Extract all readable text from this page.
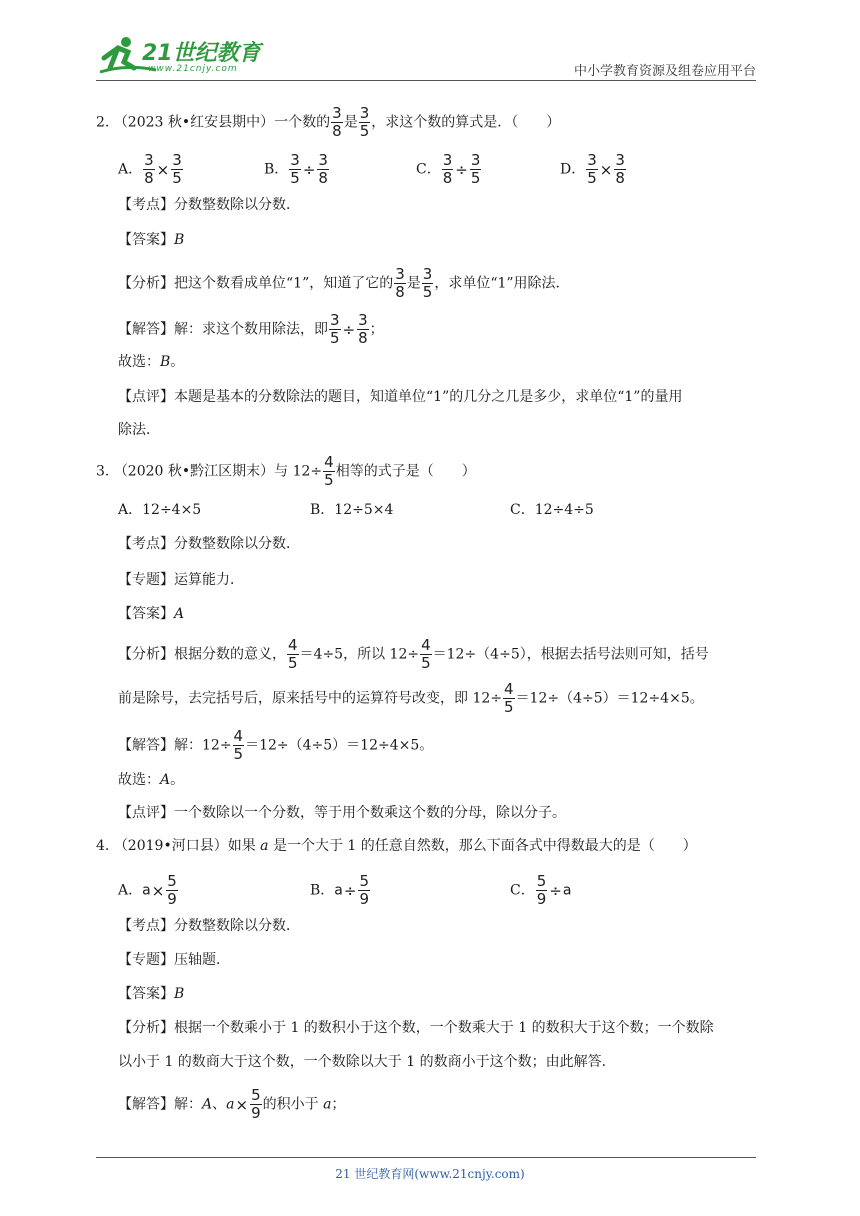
21世纪教育
www.21cnjy.com	中小学教育资源及组卷应用平台
2. （2023 秋•红安县期中）一个数的 $\frac{3}{8}$ 是 $\frac{3}{5}$ ，求这个数的算式是．（　　）
A． $\frac{3}{8} \times \frac{3}{5}$	B． $\frac{3}{5} \div \frac{3}{8}$	C． $\frac{3}{8} \div \frac{3}{5}$	D． $\frac{3}{5} \times \frac{3}{8}$
【考点】分数整数除以分数．
【答案】B
【分析】把这个数看成单位“1”，知道了它的 $\frac{3}{8}$ 是 $\frac{3}{5}$ ，求单位“1”用除法．
【解答】解：求这个数用除法，即 $\frac{3}{5} \div \frac{3}{8}$ ；
故选：B。
【点评】本题是基本的分数除法的题目，知道单位“1”的几分之几是多少，求单位“1”的量用
除法．
3. （2020 秋•黔江区期末）与 $12\div \frac{4}{5}$ 相等的式子是（　　）
A．12÷4×5	B．12÷5×4	C．12÷4÷5
【考点】分数整数除以分数．
【专题】运算能力．
【答案】A
【分析】根据分数的意义， $\frac{4}{5} =4\div 5$，所以 $12\div \frac{4}{5} =12\div(4\div 5)$，根据去括号法则可知，括号
前是除号，去完括号后，原来括号中的运算符号改变，即 $12\div \frac{4}{5} =12\div(4\div 5)=12\div 4\times 5$。
【解答】解：$12\div \frac{4}{5} =12\div(4\div 5)=12\div 4\times 5$。
故选：A。
【点评】一个数除以一个分数，等于用个数乘这个数的分母，除以分子。
4. （2019•河口县）如果 a 是一个大于 1 的任意自然数，那么下面各式中得数最大的是（　　）
A．$a\times \frac{5}{9}$	B．$a\div \frac{5}{9}$	C． $\frac{5}{9} \div a$
【考点】分数整数除以分数．
【专题】压轴题．
【答案】B
【分析】根据一个数乘小于 1 的数积小于这个数，一个数乘大于 1 的数积大于这个数；一个数除
以小于 1 的数商大于这个数，一个数除以大于 1 的数商小于这个数；由此解答．
【解答】解：A、$a\times \frac{5}{9}$ 的积小于 a；
21 世纪教育网(www.21cnjy.com)
